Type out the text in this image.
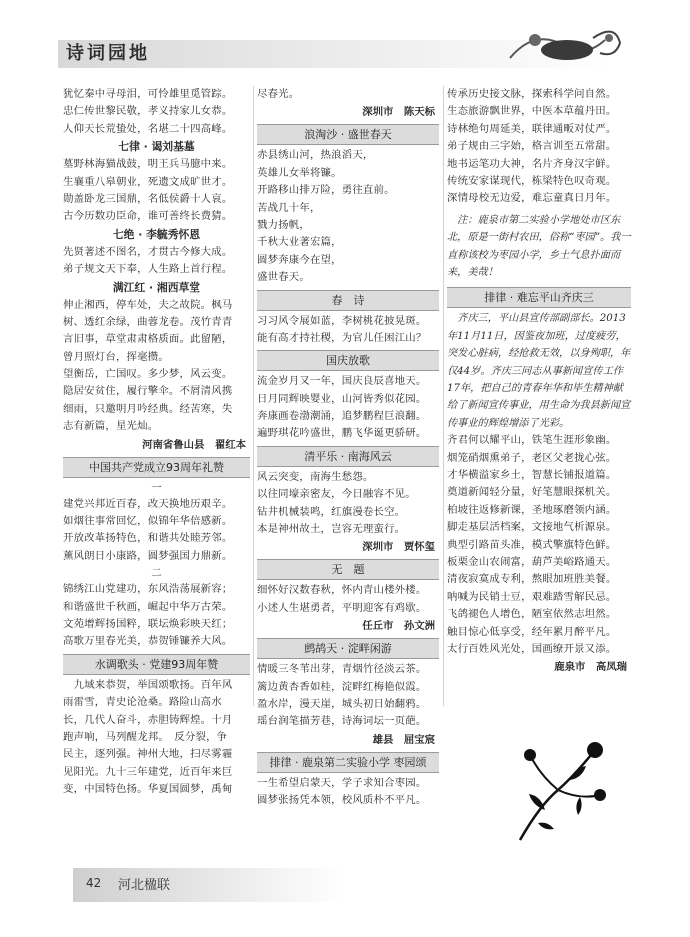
诗词园地
犹忆秦中寻母泪，可怜雄里觅管踪。
忠仁传世黎民敬，孝义持家儿女恭。
人仰天长荒蛰处，名堪二十四高峰。
七律 · 谒刘基墓
墓野林海猫战鼓，明王兵马臆中来。
生襄重八皋朝业，死遗文成旷世才。
勋盖卧龙三国鼎，名低侯爵十人哀。
古今历数功臣命，谁可善终长费猜。
七绝 · 李毓秀怀恩
先贤著述不图名，才贯古今修大成。
弟子规文天下奉，人生路上首行程。
满江红 · 湘西草堂
伸止湘西，停车处，夫之故院。枫马
树、透红余绿，曲蓉龙卷。茂竹青青
言旧事，草堂肃肃格质面。此留陋，
曾月照灯台，挥毫攒。
望衡岳，亡国叹。多少梦，风云变。
隐居安贫住，履行擎伞。不屑清风携
细雨，只邀明月吟经典。经苦寒，失
志有新篇，星光灿。
河南省鲁山县　翟红本
中国共产党成立93周年礼赞
一
建党兴邦近百春，改天换地历艰辛。
如烟往事常回忆，似锦年华倍感新。
开放改革扬特色，和谐共处睦芳邻。
薰风朗日小康路，圆梦强国力鼎新。
二
锦绣江山党建功，东风浩荡展新容；
和谐盛世千秋画，崛起中华万古荣。
文苑增辉扬国粹，联坛焕彩映天红；
高歌万里春光美，恭贺锤镰养大风。
水调歌头 · 党建93周年赞
　九域来恭贺，举国颂歌扬。百年风
雨雷雪，青史论沧桑。路险山高水
长，几代人奋斗，赤胆铸辉煌。十月
跑声响，马列醒龙邦。　反分裂，争
民主，逐列强。神州大地，扫尽雾霾
见阳光。九十三年建党，近百年来巨
变，中国特色扬。华夏国圆梦，禹甸
尽春光。
深圳市　陈天标
浪淘沙 · 盛世春天
赤县绣山河，热浪滔天，
英雄儿女举将镰。
开路移山排万险，勇往直前。
苦战几十年，
戮力扬帆，
千秋大业著宏篇，
圆梦奔康今在望，
盛世春天。
春　诗
习习风令展如蓝，李树桃花披晃斑。
能有高才持社稷，为官儿任困江山？
国庆放歌
流金岁月又一年，国庆良辰喜地天。
日月同辉映婴业，山河皆秀似花园。
奔康画卷渤潮涌，追梦鹏程巨浪翻。
遍野琪花吟盛世，鹏飞华诞更骄研。
清平乐 · 南海风云
风云突变，南海生愁怨。
以往同壕亲密友，今日融容不见。
钻井机械装鸣，红旗漫卷长空。
本是神州故土，岂容无理蛮行。
深圳市　贾怀玺
无　题
细怀好汉数春秋，怀内青山楼外楼。
小述人生堪勇者，平明迎客有鸡歇。
任丘市　孙文洲
鹧鸪天 · 淀畔闲游
情暖三冬苇出芽，青烟竹径淡云茶。
篱边黄杏香如桂，淀畔红梅艳似霞。
盈水岸，漫天崖，城头初日始翻鸦。
瑶台润笔描芳巷，诗海词坛一页葩。
雄县　屈宝宸
排律 · 鹿泉第二实验小学 枣园颂
一生希望启蒙天，学子求知合枣园。
圆梦张扬凭本领，校风质朴不平凡。
传承历史接文脉，探索科学问自然。
生态旅游飘世界，中医本草蕴丹田。
诗林绝句周延美，联律通畈对仗严。
弟子规由三字始，格言训至五常甜。
地书运笔功大神，名片齐身汉字鲜。
传统安家谋现代，栋梁特色叹奇观。
深情母校无边爱，难忘童真日月年。
　注：鹿泉市第二实验小学地处市区东北，原是一街村农田，俗称“枣园”。我一直称该校为枣园小学，乡土气息扑面而来，美哉！
排律 · 难忘平山齐庆三
　齐庆三，平山县宣传部副部长。2013年11月11日，因鉴夜加班，过度疲劳，突发心脏病，经抢救无效，以身殉职，年仅44岁。齐庆三同志从事新闻宣传工作17年，把自己的青春年华和毕生精神献给了新闻宣传事业，用生命为我县新闻宣传事业的辉煌增添了光彩。
齐君何以耀平山，铁笔生涯形象幽。
烟笼硝烟熏弟子，老区父老拢心弦。
才华横溢家乡土，智慧长铺报道篇。
奠道新闻轻分量，好笔慧眼探机关。
柏坡往返修新课，圣地琢磨领内涵。
脚走基层活档案，文接地气析源泉。
典型引路苗头准，模式擎旗特色鲜。
板栗金山农闹富，葫芦美峪路通天。
清夜寂寞成专利，熬眼加班胜美餐。
呐喊为民销士豆，艰难踏雪解民忌。
飞鸽褪色人增色，陋室依然志坦然。
触目惊心低享受，经年累月醉平凡。
太行百姓风光处，国画缭开景又添。
鹿泉市　高凤瑞
42 河北楹联
